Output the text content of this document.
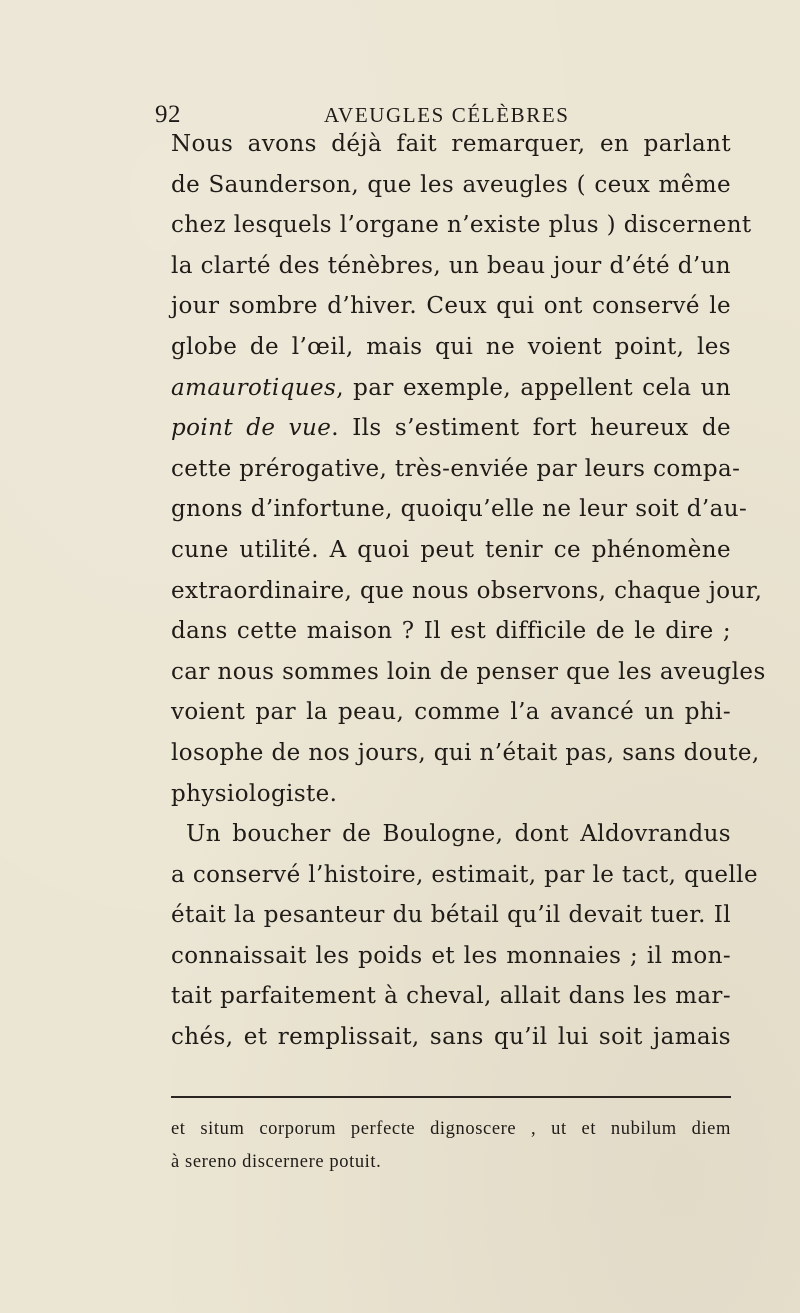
92	AVEUGLES CÉLÈBRES
Nous avons déjà fait remarquer, en parlant
de Saunderson, que les aveugles ( ceux même
chez lesquels l’organe n’existe plus ) discernent
la clarté des ténèbres, un beau jour d’été d’un
jour sombre d’hiver. Ceux qui ont conservé le
globe de l’œil, mais qui ne voient point, les
amaurotiques, par exemple, appellent cela un
point de vue. Ils s’estiment fort heureux de
cette prérogative, très-enviée par leurs compa-
gnons d’infortune, quoiqu’elle ne leur soit d’au-
cune utilité. A quoi peut tenir ce phénomène
extraordinaire, que nous observons, chaque jour,
dans cette maison ? Il est difficile de le dire ;
car nous sommes loin de penser que les aveugles
voient par la peau, comme l’a avancé un phi-
losophe de nos jours, qui n’était pas, sans doute,
physiologiste.
Un boucher de Boulogne, dont Aldovrandus
a conservé l’histoire, estimait, par le tact, quelle
était la pesanteur du bétail qu’il devait tuer. Il
connaissait les poids et les monnaies ; il mon-
tait parfaitement à cheval, allait dans les mar-
chés, et remplissait, sans qu’il lui soit jamais
et situm corporum perfecte dignoscere , ut et nubilum diem
à sereno discernere potuit.
